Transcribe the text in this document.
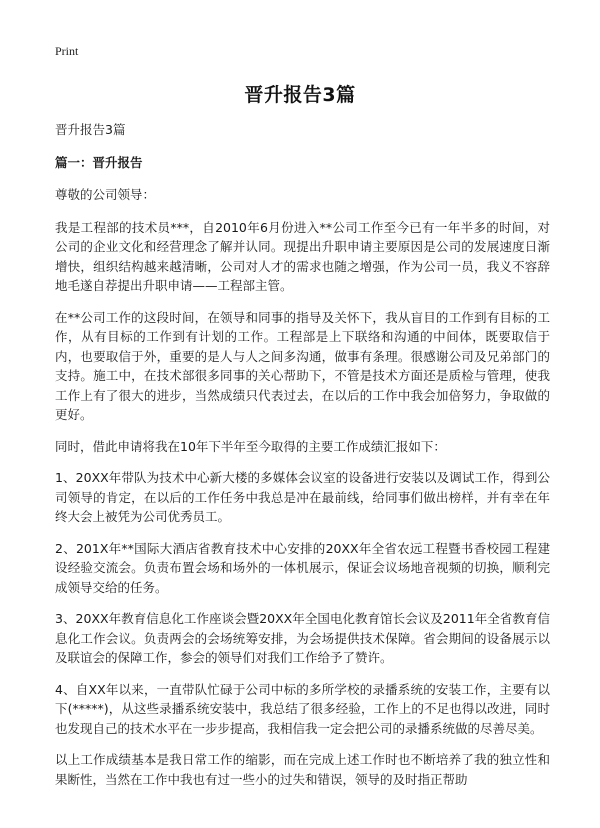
Print
晋升报告3篇

晋升报告3篇

篇一：晋升报告

尊敬的公司领导：

我是工程部的技术员***，自2010年6月份进入**公司工作至今已有一年半多的时间，对公司的企业文化和经营理念了解并认同。现提出升职申请主要原因是公司的发展速度日渐增快，组织结构越来越清晰，公司对人才的需求也随之增强，作为公司一员，我义不容辞地毛遂自荐提出升职申请——工程部主管。

在**公司工作的这段时间，在领导和同事的指导及关怀下，我从盲目的工作到有目标的工作，从有目标的工作到有计划的工作。工程部是上下联络和沟通的中间体，既要取信于内，也要取信于外，重要的是人与人之间多沟通，做事有条理。很感谢公司及兄弟部门的支持。施工中，在技术部很多同事的关心帮助下，不管是技术方面还是质检与管理，使我工作上有了很大的进步，当然成绩只代表过去，在以后的工作中我会加倍努力，争取做的更好。

同时，借此申请将我在10年下半年至今取得的主要工作成绩汇报如下：

1、20XX年带队为技术中心新大楼的多媒体会议室的设备进行安装以及调试工作，得到公司领导的肯定，在以后的工作任务中我总是冲在最前线，给同事们做出榜样，并有幸在年终大会上被凭为公司优秀员工。

2、201X年**国际大酒店省教育技术中心安排的20XX年全省农远工程暨书香校园工程建设经验交流会。负责布置会场和场外的一体机展示，保证会议场地音视频的切换，顺利完成领导交给的任务。

3、20XX年教育信息化工作座谈会暨20XX年全国电化教育馆长会议及2011年全省教育信息化工作会议。负责两会的会场统筹安排，为会场提供技术保障。省会期间的设备展示以及联谊会的保障工作，参会的领导们对我们工作给予了赞许。

4、自XX年以来，一直带队忙碌于公司中标的多所学校的录播系统的安装工作，主要有以下(*****)，从这些录播系统安装中，我总结了很多经验，工作上的不足也得以改进，同时也发现自己的技术水平在一步步提高，我相信我一定会把公司的录播系统做的尽善尽美。

以上工作成绩基本是我日常工作的缩影，而在完成上述工作时也不断培养了我的独立性和果断性，当然在工作中我也有过一些小的过失和错误，领导的及时指正帮助
